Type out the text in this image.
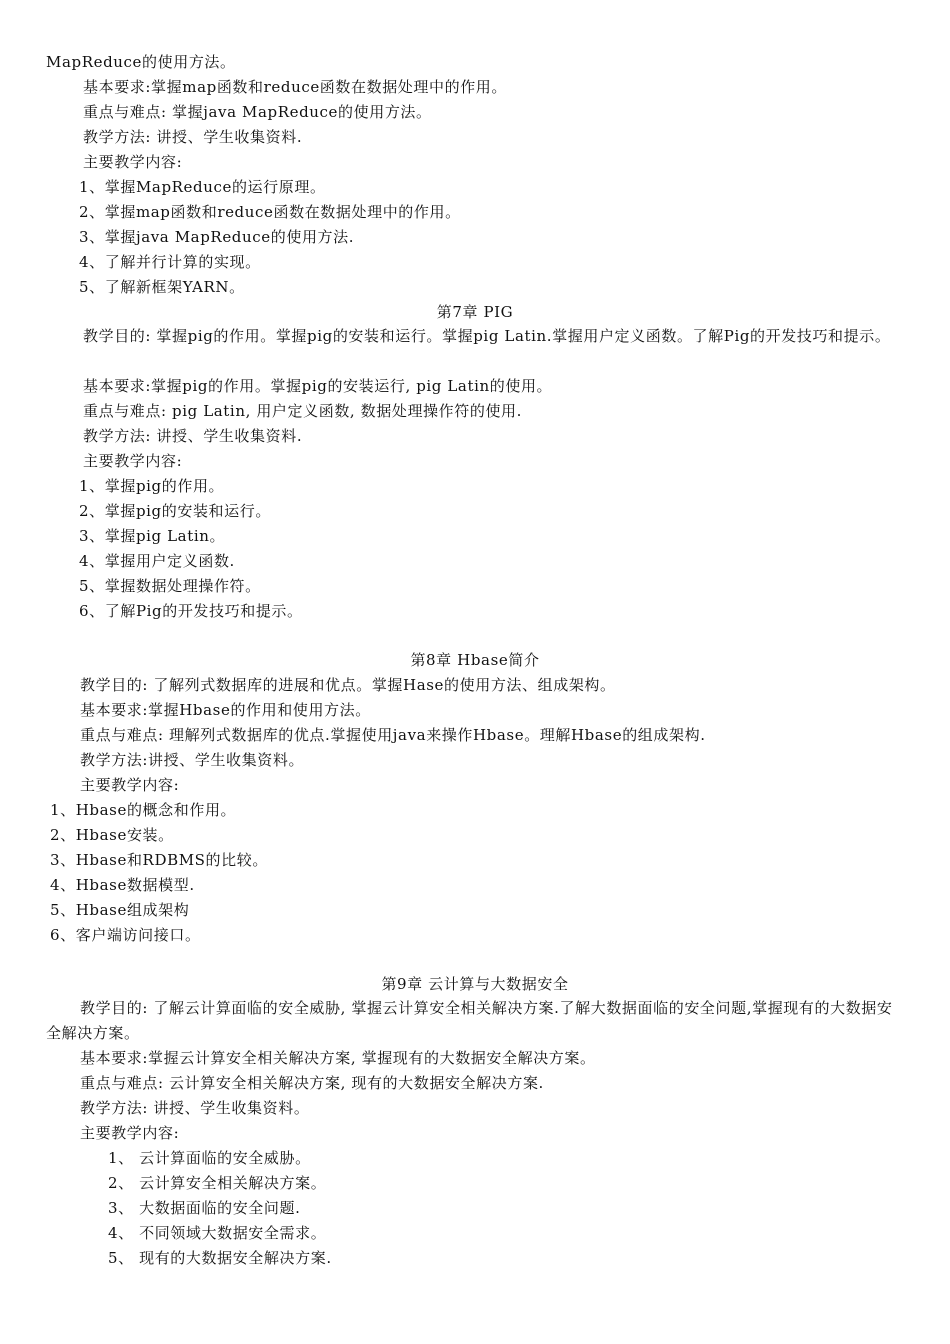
MapReduce的使用方法。
基本要求:掌握map函数和reduce函数在数据处理中的作用。
重点与难点: 掌握java MapReduce的使用方法。
教学方法: 讲授、学生收集资料.
主要教学内容:
1、掌握MapReduce的运行原理。
2、掌握map函数和reduce函数在数据处理中的作用。
3、掌握java MapReduce的使用方法.
4、了解并行计算的实现。
5、了解新框架YARN。
第7章 PIG
教学目的: 掌握pig的作用。掌握pig的安装和运行。掌握pig Latin.掌握用户定义函数。了解Pig的开发技巧和提示。
基本要求:掌握pig的作用。掌握pig的安装运行, pig Latin的使用。
重点与难点: pig Latin, 用户定义函数, 数据处理操作符的使用.
教学方法: 讲授、学生收集资料.
主要教学内容:
1、掌握pig的作用。
2、掌握pig的安装和运行。
3、掌握pig Latin。
4、掌握用户定义函数.
5、掌握数据处理操作符。
6、了解Pig的开发技巧和提示。
第8章 Hbase简介
教学目的: 了解列式数据库的进展和优点。掌握Hase的使用方法、组成架构。
基本要求:掌握Hbase的作用和使用方法。
重点与难点: 理解列式数据库的优点.掌握使用java来操作Hbase。理解Hbase的组成架构.
教学方法:讲授、学生收集资料。
主要教学内容:
1、Hbase的概念和作用。
2、Hbase安装。
3、Hbase和RDBMS的比较。
4、Hbase数据模型.
5、Hbase组成架构
6、客户端访问接口。
第9章 云计算与大数据安全
教学目的: 了解云计算面临的安全威胁, 掌握云计算安全相关解决方案.了解大数据面临的安全问题,掌握现有的大数据安全解决方案。
基本要求:掌握云计算安全相关解决方案, 掌握现有的大数据安全解决方案。
重点与难点: 云计算安全相关解决方案, 现有的大数据安全解决方案.
教学方法: 讲授、学生收集资料。
主要教学内容:
1、 云计算面临的安全威胁。
2、 云计算安全相关解决方案。
3、 大数据面临的安全问题.
4、 不同领域大数据安全需求。
5、 现有的大数据安全解决方案.
